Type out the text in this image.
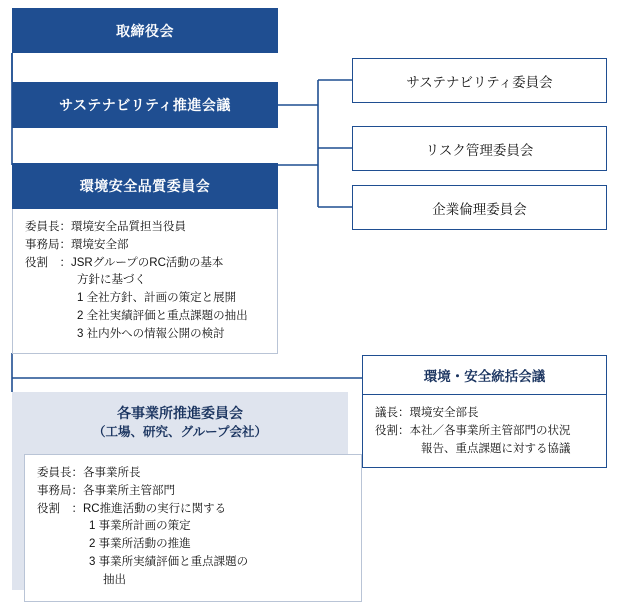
取締役会
サステナビリティ推進会議
環境安全品質委員会
委員長 ： 環境安全品質担当役員
事務局 ： 環境安全部
役割 　： JSRグループのRC活動の基本
方針に基づく
1 全社方針、計画の策定と展開
2 全社実績評価と重点課題の抽出
3 社内外への情報公開の検討
サステナビリティ委員会
リスク管理委員会
企業倫理委員会
環境・安全統括会議
議長 ： 環境安全部長
役割 ： 本社／各事業所主管部門の状況
報告、重点課題に対する協議
各事業所推進委員会
（工場、研究、グループ会社）
委員長 ： 各事業所長
事務局 ： 各事業所主管部門
役割 　： RC推進活動の実行に関する
1 事業所計画の策定
2 事業所活動の推進
3 事業所実績評価と重点課題の
抽出
